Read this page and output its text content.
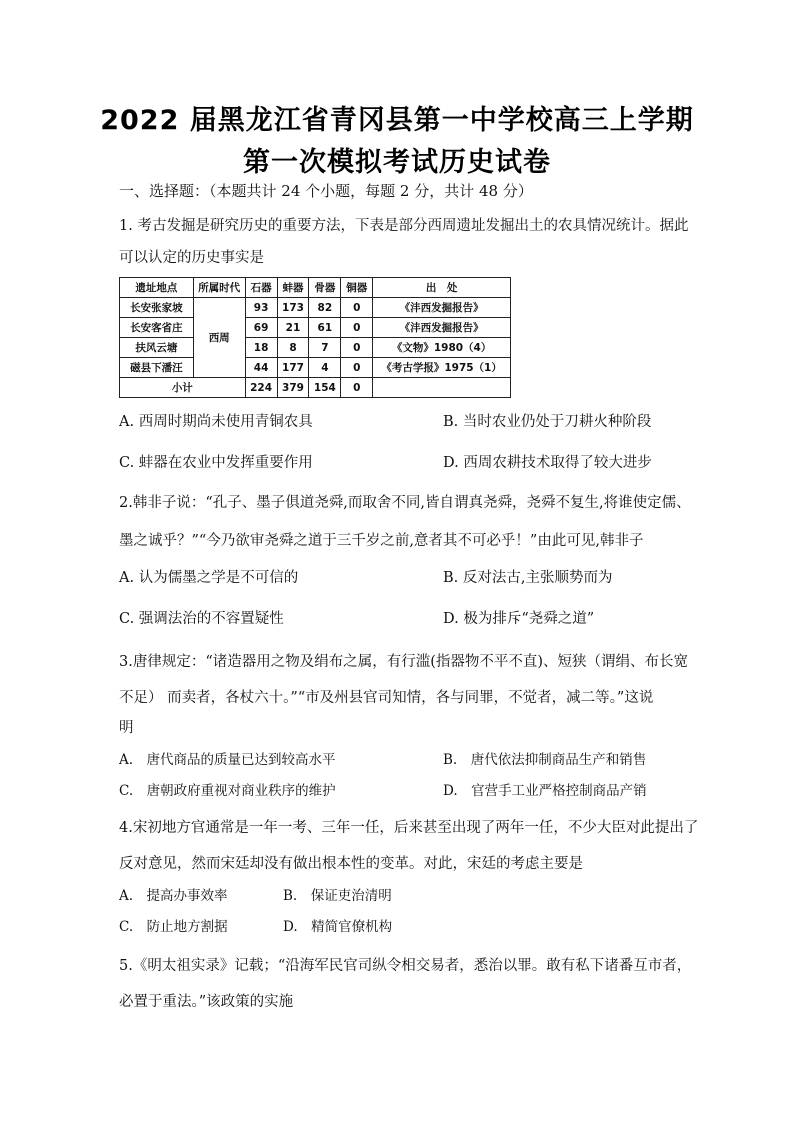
2022 届黑龙江省青冈县第一中学校高三上学期
第一次模拟考试历史试卷
一、选择题：（本题共计 24 个小题，每题 2 分，共计 48 分）
1. 考古发掘是研究历史的重要方法，下表是部分西周遗址发掘出土的农具情况统计。据此
可以认定的历史事实是
遗址地点	所属时代	石器	蚌器	骨器	铜器	出　处
长安张家坡	西周	93	173	82	0	《沣西发掘报告》
长安客省庄		69	21	61	0	《沣西发掘报告》
扶风云塘		18	8	7	0	《文物》1980（4）
磁县下潘汪		44	177	4	0	《考古学报》1975（1）
小计		224	379	154	0	
A. 西周时期尚未使用青铜农具	B. 当时农业仍处于刀耕火种阶段
C. 蚌器在农业中发挥重要作用	D. 西周农耕技术取得了较大进步
2.韩非子说：“孔子、墨子俱道尧舜,而取舍不同,皆自谓真尧舜，尧舜不复生,将谁使定儒、
墨之诚乎？”“今乃欲审尧舜之道于三千岁之前,意者其不可必乎！”由此可见,韩非子
A. 认为儒墨之学是不可信的	B. 反对法古,主张顺势而为
C. 强调法治的不容置疑性	D. 极为排斥“尧舜之道”
3.唐律规定：“诸造器用之物及绢布之属，有行滥(指器物不平不直)、短狭（谓绢、布长宽
不足） 而卖者，各杖六十。”“市及州县官司知情，各与同罪，不觉者，减二等。”这说
明
A.　唐代商品的质量已达到较高水平	B.　唐代依法抑制商品生产和销售
C.　唐朝政府重视对商业秩序的维护	D.　官营手工业严格控制商品产销
4.宋初地方官通常是一年一考、三年一任，后来甚至出现了两年一任，不少大臣对此提出了
反对意见，然而宋廷却没有做出根本性的变革。对此，宋廷的考虑主要是
A.　提高办事效率	B.　保证吏治清明
C.　防止地方割据	D.　精简官僚机构
5.《明太祖实录》记载；“沿海军民官司纵令相交易者，悉治以罪。敢有私下诸番互市者，
必置于重法。”该政策的实施
